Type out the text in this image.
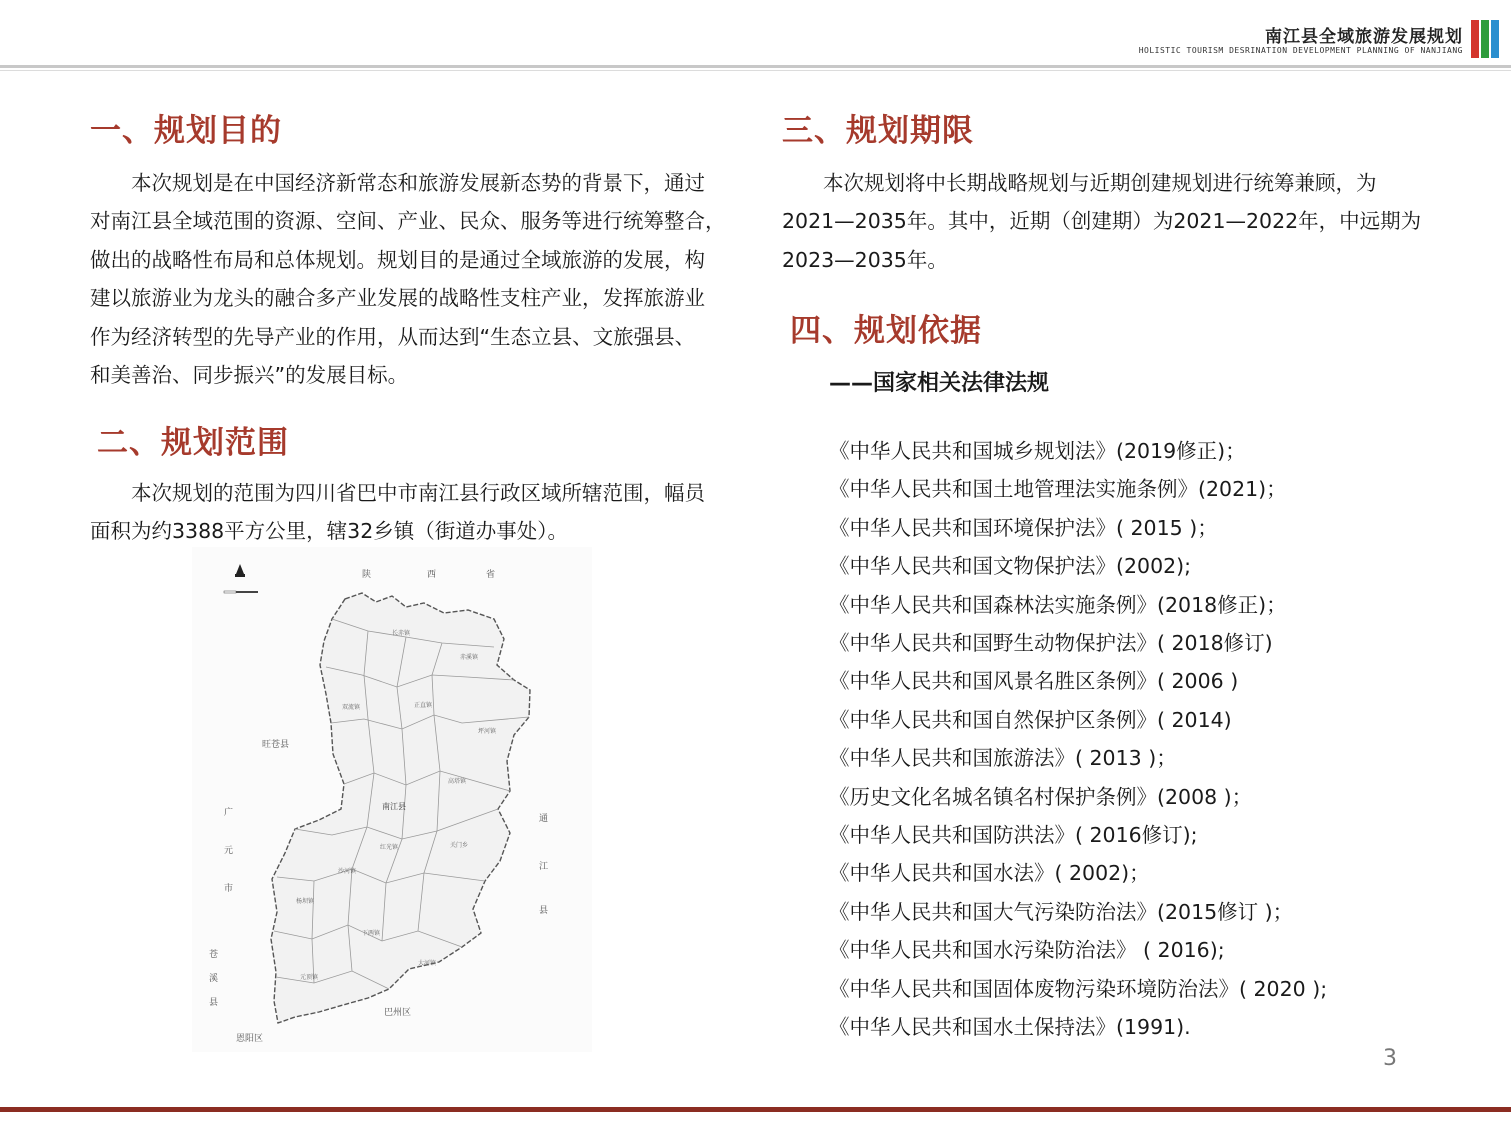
南江县全域旅游发展规划
HOLISTIC TOURISM DESRINATION DEVELOPMENT PLANNING OF NANJIANG
一、规划目的
本次规划是在中国经济新常态和旅游发展新态势的背景下，通过
对南江县全域范围的资源、空间、产业、民众、服务等进行统筹整合，
做出的战略性布局和总体规划。规划目的是通过全域旅游的发展，构
建以旅游业为龙头的融合多产业发展的战略性支柱产业，发挥旅游业
作为经济转型的先导产业的作用，从而达到“生态立县、文旅强县、
和美善治、同步振兴”的发展目标。
二、规划范围
本次规划的范围为四川省巴中市南江县行政区域所辖范围，幅员
面积为约3388平方公里，辖32乡镇（街道办事处）。
陕	西	省
旺苍县
广
元
市
苍
溪
县
巴州区
恩阳区
通
江
县
南江县
长赤镇
赤溪镇
正直镇
坪河镇
双流镇
高塔镇
红光镇
沙河镇
关门乡
杨坝镇
下两镇
大河镇
元顶镇
三、规划期限
本次规划将中长期战略规划与近期创建规划进行统筹兼顾，为
2021—2035年。其中，近期（创建期）为2021—2022年，中远期为
2023—2035年。
四、规划依据
——国家相关法律法规
《中华人民共和国城乡规划法》(2019修正)；
《中华人民共和国土地管理法实施条例》(2021)；
《中华人民共和国环境保护法》( 2015 )；
《中华人民共和国文物保护法》(2002);
《中华人民共和国森林法实施条例》(2018修正)；
《中华人民共和国野生动物保护法》( 2018修订)
《中华人民共和国风景名胜区条例》( 2006 )
《中华人民共和国自然保护区条例》( 2014)
《中华人民共和国旅游法》( 2013 )；
《历史文化名城名镇名村保护条例》(2008 )；
《中华人民共和国防洪法》( 2016修订);
《中华人民共和国水法》( 2002)；
《中华人民共和国大气污染防治法》(2015修订 )；
《中华人民共和国水污染防治法》 ( 2016);
《中华人民共和国固体废物污染环境防治法》( 2020 );
《中华人民共和国水土保持法》(1991).
3
